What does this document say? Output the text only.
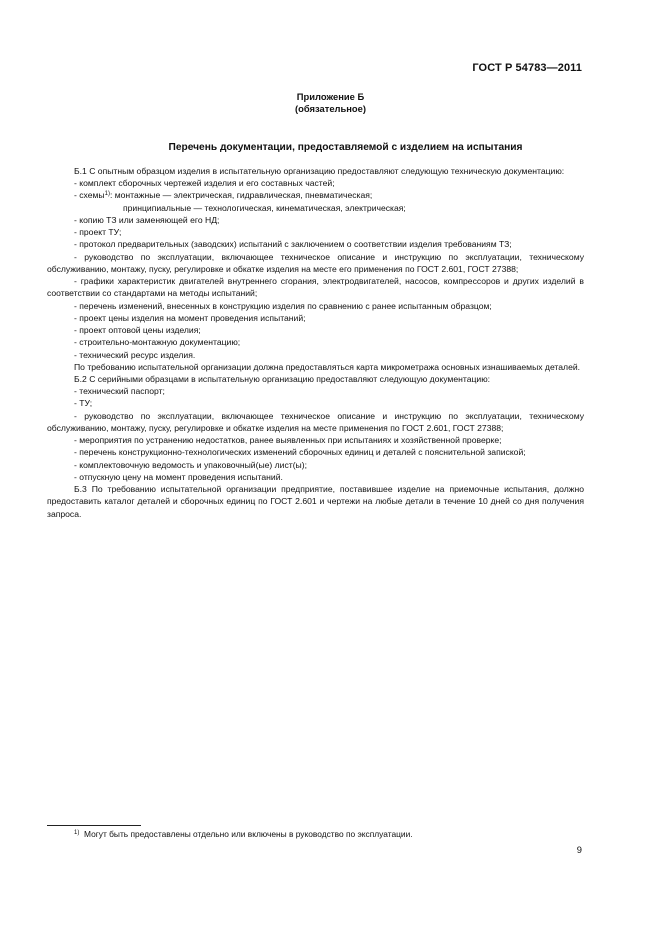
ГОСТ Р 54783—2011
Приложение Б
(обязательное)
Перечень документации, предоставляемой с изделием на испытания

Б.1 С опытным образцом изделия в испытательную организацию предоставляют следующую техническую документацию:

- комплект сборочных чертежей изделия и его составных частей;

- схемы$^{1)}$: монтажные — электрическая, гидравлическая, пневматическая;

принципиальные — технологическая, кинематическая, электрическая;

- копию ТЗ или заменяющей его НД;

- проект ТУ;

- протокол предварительных (заводских) испытаний с заключением о соответствии изделия требованиям ТЗ;

- руководство по эксплуатации, включающее техническое описание и инструкцию по эксплуатации, техническому обслуживанию, монтажу, пуску, регулировке и обкатке изделия на месте его применения по ГОСТ 2.601, ГОСТ 27388;

- графики характеристик двигателей внутреннего сгорания, электродвигателей, насосов, компрессоров и других изделий в соответствии со стандартами на методы испытаний;

- перечень изменений, внесенных в конструкцию изделия по сравнению с ранее испытанным образцом;

- проект цены изделия на момент проведения испытаний;

- проект оптовой цены изделия;

- строительно-монтажную документацию;

- технический ресурс изделия.

По требованию испытательной организации должна предоставляться карта микрометража основных изнашиваемых деталей.

Б.2 С серийными образцами в испытательную организацию предоставляют следующую документацию:

- технический паспорт;

- ТУ;

- руководство по эксплуатации, включающее техническое описание и инструкцию по эксплуатации, техническому обслуживанию, монтажу, пуску, регулировке и обкатке изделия на месте применения по ГОСТ 2.601, ГОСТ 27388;

- мероприятия по устранению недостатков, ранее выявленных при испытаниях и хозяйственной проверке;

- перечень конструкционно-технологических изменений сборочных единиц и деталей с пояснительной запиской;

- комплектовочную ведомость и упаковочный(ые) лист(ы);

- отпускную цену на момент проведения испытаний.

Б.3 По требованию испытательной организации предприятие, поставившее изделие на приемочные испытания, должно предоставить каталог деталей и сборочных единиц по ГОСТ 2.601 и чертежи на любые детали в течение 10 дней со дня получения запроса.

$^{1)}$ Могут быть предоставлены отдельно или включены в руководство по эксплуатации.
9
